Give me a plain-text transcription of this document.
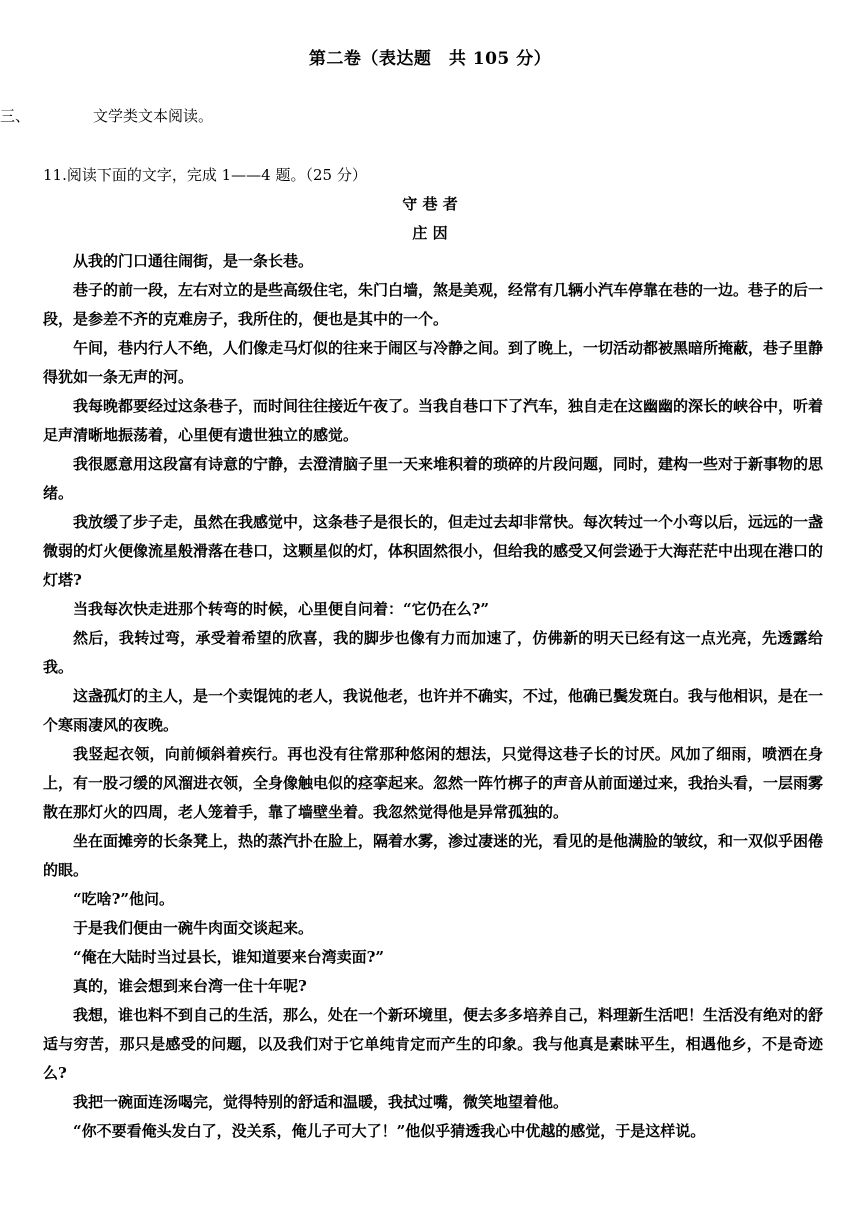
第二卷（表达题　共 105 分）
三、	文学类文本阅读。
11.阅读下面的文字，完成 1——4 题。（25 分）
守 巷 者
庄 因

从我的门口通往闹街，是一条长巷。

巷子的前一段，左右对立的是些高级住宅，朱门白墙，煞是美观，经常有几辆小汽车停靠在巷的一边。巷子的后一段，是参差不齐的克难房子，我所住的，便也是其中的一个。

午间，巷内行人不绝，人们像走马灯似的往来于闹区与冷静之间。到了晚上，一切活动都被黑暗所掩蔽，巷子里静得犹如一条无声的河。

我每晚都要经过这条巷子，而时间往往接近午夜了。当我自巷口下了汽车，独自走在这幽幽的深长的峡谷中，听着足声清晰地振荡着，心里便有遗世独立的感觉。

我很愿意用这段富有诗意的宁静，去澄清脑子里一天来堆积着的琐碎的片段问题，同时，建构一些对于新事物的思绪。

我放缓了步子走，虽然在我感觉中，这条巷子是很长的，但走过去却非常快。每次转过一个小弯以后，远远的一盏微弱的灯火便像流星般滑落在巷口，这颗星似的灯，体积固然很小，但给我的感受又何尝逊于大海茫茫中出现在港口的灯塔?

当我每次快走进那个转弯的时候，心里便自问着：“它仍在么?”

然后，我转过弯，承受着希望的欣喜，我的脚步也像有力而加速了，仿佛新的明天已经有这一点光亮，先透露给我。

这盏孤灯的主人，是一个卖馄饨的老人，我说他老，也许并不确实，不过，他确已鬓发斑白。我与他相识，是在一个寒雨凄风的夜晚。

我竖起衣领，向前倾斜着疾行。再也没有往常那种悠闲的想法，只觉得这巷子长的讨厌。风加了细雨，喷洒在身上，有一股刁缓的风溜进衣领，全身像触电似的痉挛起来。忽然一阵竹梆子的声音从前面递过来，我抬头看，一层雨雾散在那灯火的四周，老人笼着手，靠了墙壁坐着。我忽然觉得他是异常孤独的。

坐在面摊旁的长条凳上，热的蒸汽扑在脸上，隔着水雾，渗过凄迷的光，看见的是他满脸的皱纹，和一双似乎困倦的眼。

“吃啥?”他问。

于是我们便由一碗牛肉面交谈起来。

“俺在大陆时当过县长，谁知道要来台湾卖面?”

真的，谁会想到来台湾一住十年呢?

我想，谁也料不到自己的生活，那么，处在一个新环境里，便去多多培养自己，料理新生活吧！生活没有绝对的舒适与穷苦，那只是感受的问题，以及我们对于它单纯肯定而产生的印象。我与他真是素昧平生，相遇他乡，不是奇迹么?

我把一碗面连汤喝完，觉得特别的舒适和温暖，我拭过嘴，微笑地望着他。

“你不要看俺头发白了，没关系，俺儿子可大了！”他似乎猜透我心中优越的感觉，于是这样说。
